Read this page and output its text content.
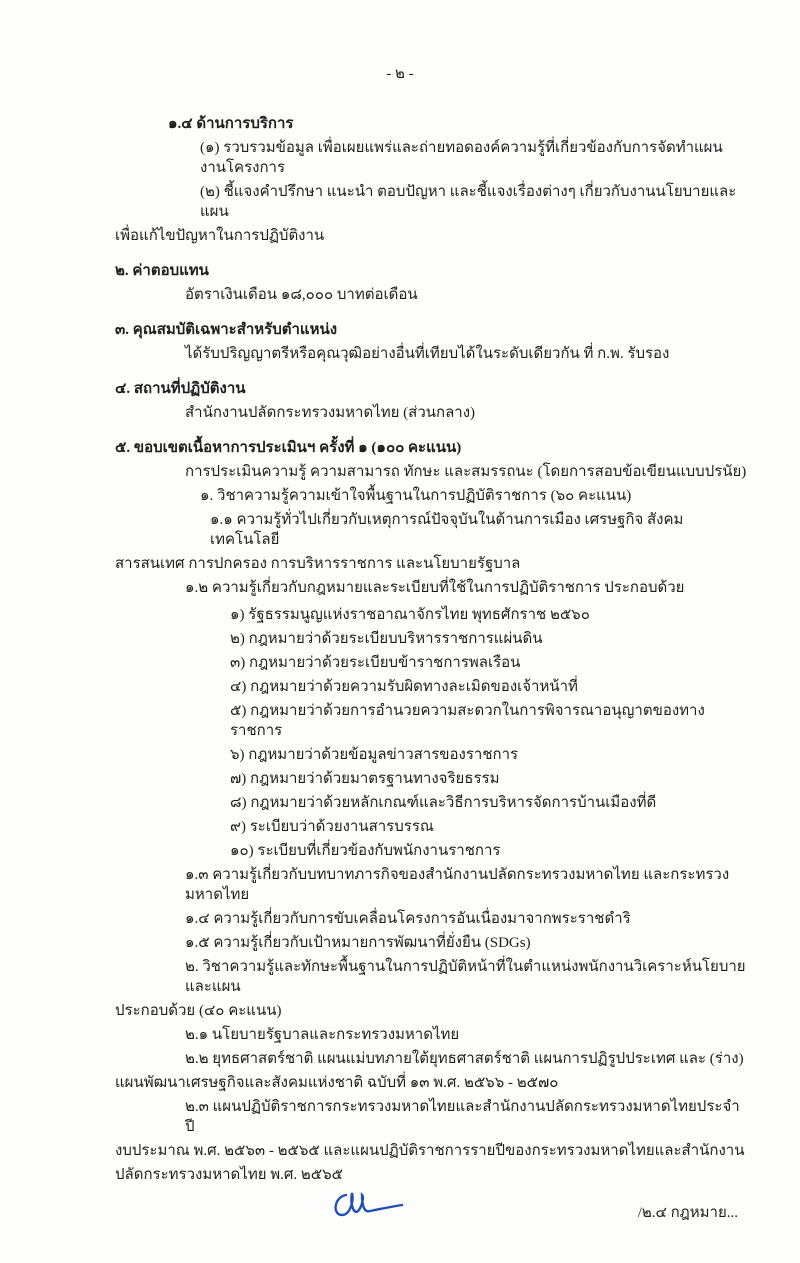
- ๒ -
๑.๔ ด้านการบริการ
(๑) รวบรวมข้อมูล เพื่อเผยแพร่และถ่ายทอดองค์ความรู้ที่เกี่ยวข้องกับการจัดทำแผนงานโครงการ
(๒) ชี้แจงคำปรึกษา แนะนำ ตอบปัญหา และชี้แจงเรื่องต่างๆ เกี่ยวกับงานนโยบายและแผน
เพื่อแก้ไขปัญหาในการปฏิบัติงาน
๒. ค่าตอบแทน
อัตราเงินเดือน ๑๘,๐๐๐ บาทต่อเดือน
๓. คุณสมบัติเฉพาะสำหรับตำแหน่ง
ได้รับปริญญาตรีหรือคุณวุฒิอย่างอื่นที่เทียบได้ในระดับเดียวกัน ที่ ก.พ. รับรอง
๔. สถานที่ปฏิบัติงาน
สำนักงานปลัดกระทรวงมหาดไทย (ส่วนกลาง)
๕. ขอบเขตเนื้อหาการประเมินฯ ครั้งที่ ๑ (๑๐๐ คะแนน)
การประเมินความรู้ ความสามารถ ทักษะ และสมรรถนะ (โดยการสอบข้อเขียนแบบปรนัย)
๑. วิชาความรู้ความเข้าใจพื้นฐานในการปฏิบัติราชการ (๖๐ คะแนน)
๑.๑ ความรู้ทั่วไปเกี่ยวกับเหตุการณ์ปัจจุบันในด้านการเมือง เศรษฐกิจ สังคมเทคโนโลยี
สารสนเทศ การปกครอง การบริหารราชการ และนโยบายรัฐบาล
๑.๒ ความรู้เกี่ยวกับกฎหมายและระเบียบที่ใช้ในการปฏิบัติราชการ ประกอบด้วย
๑) รัฐธรรมนูญแห่งราชอาณาจักรไทย พุทธศักราช ๒๕๖๐
๒) กฎหมายว่าด้วยระเบียบบริหารราชการแผ่นดิน
๓) กฎหมายว่าด้วยระเบียบข้าราชการพลเรือน
๔) กฎหมายว่าด้วยความรับผิดทางละเมิดของเจ้าหน้าที่
๕) กฎหมายว่าด้วยการอำนวยความสะดวกในการพิจารณาอนุญาตของทางราชการ
๖) กฎหมายว่าด้วยข้อมูลข่าวสารของราชการ
๗) กฎหมายว่าด้วยมาตรฐานทางจริยธรรม
๘) กฎหมายว่าด้วยหลักเกณฑ์และวิธีการบริหารจัดการบ้านเมืองที่ดี
๙) ระเบียบว่าด้วยงานสารบรรณ
๑๐) ระเบียบที่เกี่ยวข้องกับพนักงานราชการ
๑.๓ ความรู้เกี่ยวกับบทบาทภารกิจของสำนักงานปลัดกระทรวงมหาดไทย และกระทรวงมหาดไทย
๑.๔ ความรู้เกี่ยวกับการขับเคลื่อนโครงการอันเนื่องมาจากพระราชดำริ
๑.๕ ความรู้เกี่ยวกับเป้าหมายการพัฒนาที่ยั่งยืน (SDGs)
๒. วิชาความรู้และทักษะพื้นฐานในการปฏิบัติหน้าที่ในตำแหน่งพนักงานวิเคราะห์นโยบายและแผน
ประกอบด้วย (๔๐ คะแนน)
๒.๑ นโยบายรัฐบาลและกระทรวงมหาดไทย
๒.๒ ยุทธศาสตร์ชาติ แผนแม่บทภายใต้ยุทธศาสตร์ชาติ แผนการปฏิรูปประเทศ และ (ร่าง)
แผนพัฒนาเศรษฐกิจและสังคมแห่งชาติ ฉบับที่ ๑๓ พ.ศ. ๒๕๖๖ - ๒๕๗๐
๒.๓ แผนปฏิบัติราชการกระทรวงมหาดไทยและสำนักงานปลัดกระทรวงมหาดไทยประจำปี
งบประมาณ พ.ศ. ๒๕๖๓ - ๒๕๖๕ และแผนปฏิบัติราชการรายปีของกระทรวงมหาดไทยและสำนักงาน
ปลัดกระทรวงมหาดไทย พ.ศ. ๒๕๖๕
/๒.๔ กฎหมาย...
